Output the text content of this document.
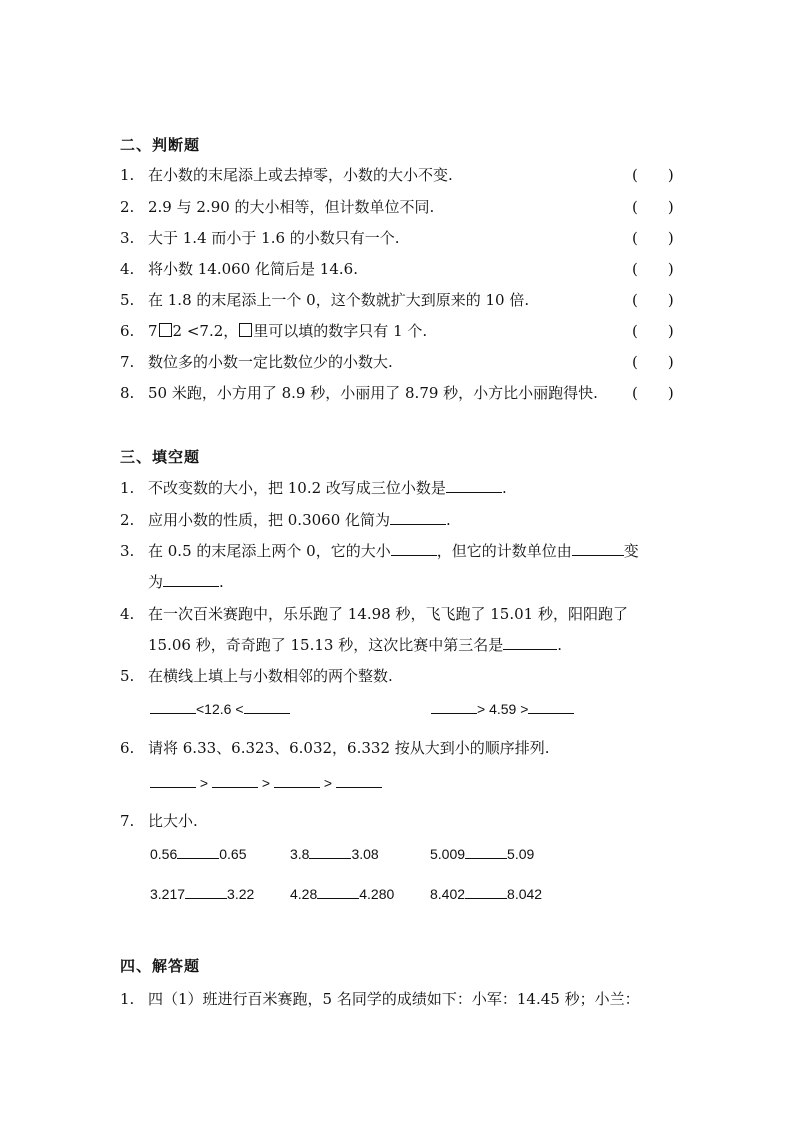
二、判断题
1. 在小数的末尾添上或去掉零，小数的大小不变.	(　　)
2. 2.9 与 2.90 的大小相等，但计数单位不同.	(　　)
3. 大于 1.4 而小于 1.6 的小数只有一个.	(　　)
4. 将小数 14.060 化简后是 14.6.	(　　)
5. 在 1.8 的末尾添上一个 0，这个数就扩大到原来的 10 倍.	(　　)
6. 7 2 <7.2， 里可以填的数字只有 1 个.	(　　)
7. 数位多的小数一定比数位少的小数大.	(　　)
8. 50 米跑，小方用了 8.9 秒，小丽用了 8.79 秒，小方比小丽跑得快. (　　)
三、填空题
1. 不改变数的大小，把 10.2 改写成三位小数是	.
2. 应用小数的性质，把 0.3060 化简为	.
3. 在 0.5 的末尾添上两个 0，它的大小	，但它的计数单位由	变
为	.
4. 在一次百米赛跑中，乐乐跑了 14.98 秒，飞飞跑了 15.01 秒，阳阳跑了
15.06 秒，奇奇跑了 15.13 秒，这次比赛中第三名是	.
5. 在横线上填上与小数相邻的两个整数.
<12.6 <	> 4.59 >
6. 请将 6.33、6.323、6.032，6.332 按从大到小的顺序排列.
>	>	>
7. 比大小.
0.56	0.65	3.8	3.08	5.009	5.09
3.217	3.22	4.28	4.280	8.402	8.042
四、解答题
1. 四（1）班进行百米赛跑，5 名同学的成绩如下：小军：14.45 秒；小兰：
